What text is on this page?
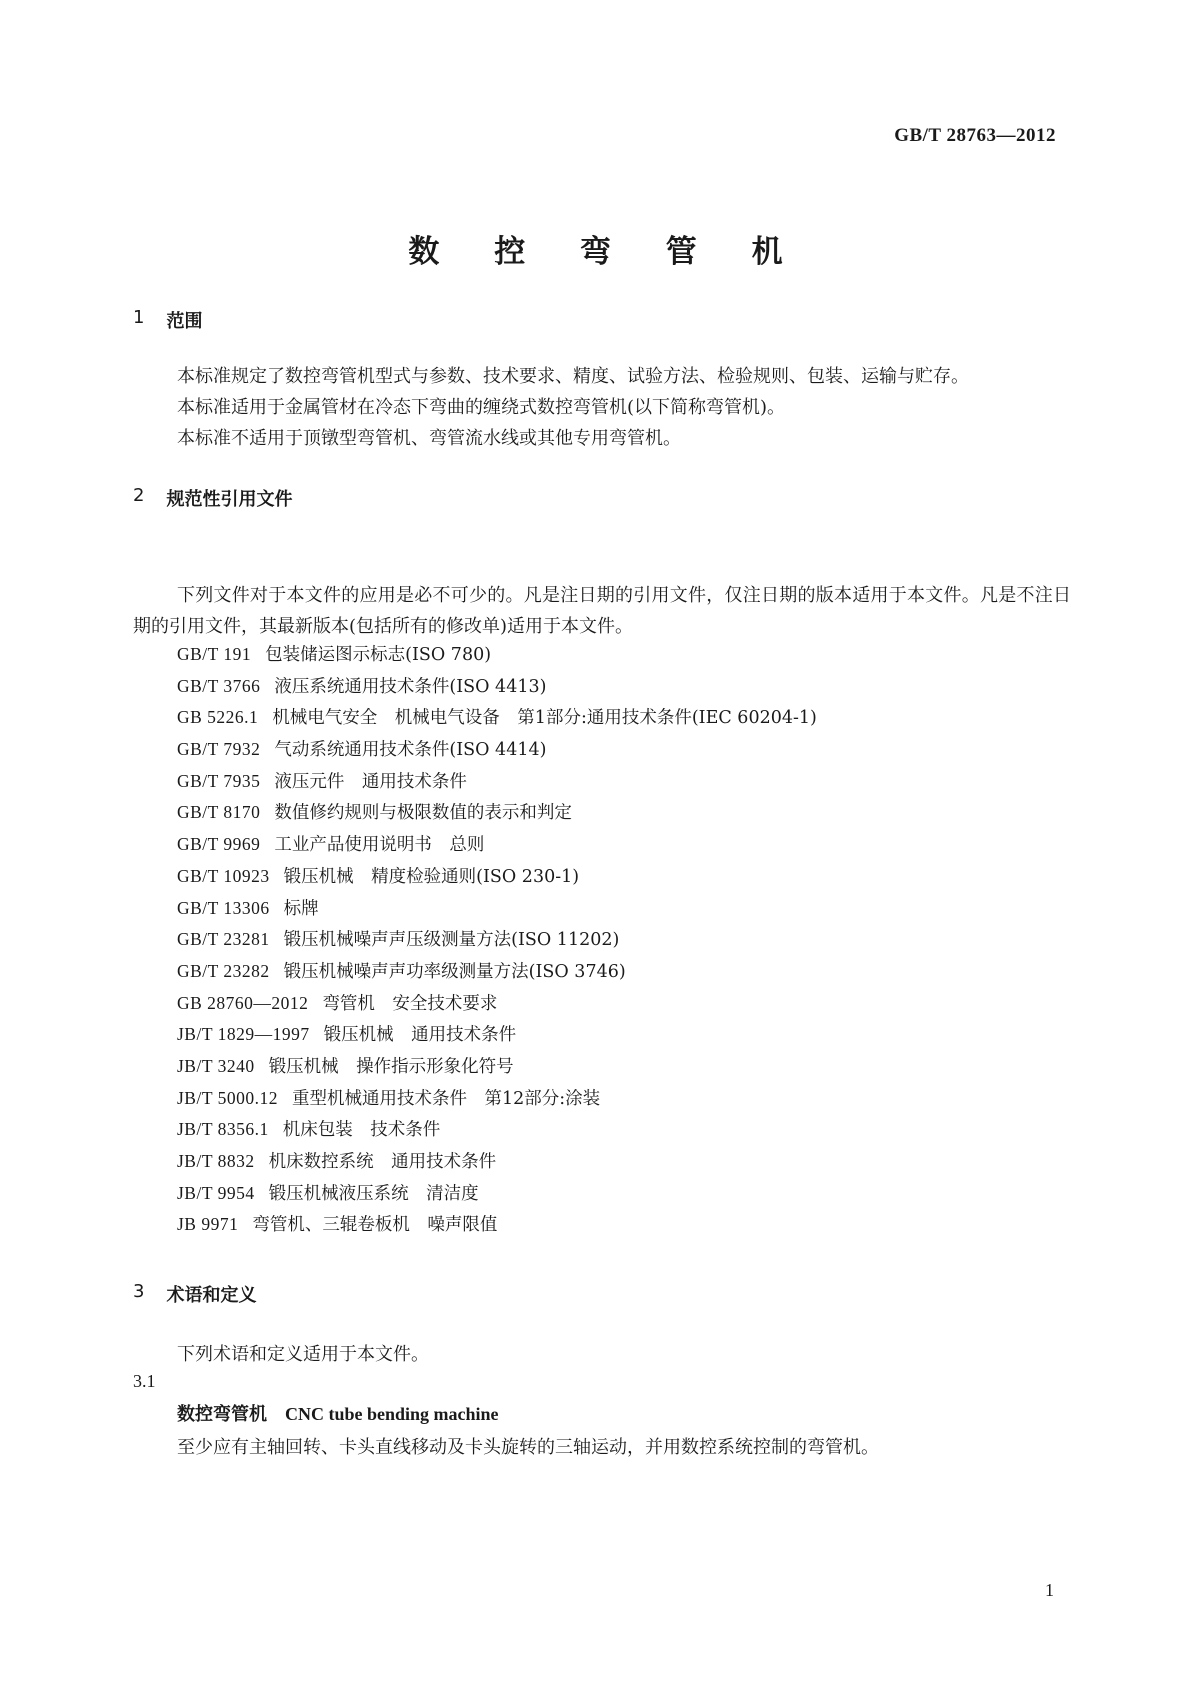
GB/T 28763—2012
数 控 弯 管 机
1 范围
本标准规定了数控弯管机型式与参数、技术要求、精度、试验方法、检验规则、包装、运输与贮存。
本标准适用于金属管材在冷态下弯曲的缠绕式数控弯管机(以下简称弯管机)。
本标准不适用于顶镦型弯管机、弯管流水线或其他专用弯管机。
2 规范性引用文件
下列文件对于本文件的应用是必不可少的。凡是注日期的引用文件，仅注日期的版本适用于本文件。凡是不注日期的引用文件，其最新版本(包括所有的修改单)适用于本文件。
GB/T 191 包装储运图示标志(ISO 780)
GB/T 3766 液压系统通用技术条件(ISO 4413)
GB 5226.1 机械电气安全　机械电气设备　第1部分:通用技术条件(IEC 60204-1)
GB/T 7932 气动系统通用技术条件(ISO 4414)
GB/T 7935 液压元件　通用技术条件
GB/T 8170 数值修约规则与极限数值的表示和判定
GB/T 9969 工业产品使用说明书　总则
GB/T 10923 锻压机械　精度检验通则(ISO 230-1)
GB/T 13306 标牌
GB/T 23281 锻压机械噪声声压级测量方法(ISO 11202)
GB/T 23282 锻压机械噪声声功率级测量方法(ISO 3746)
GB 28760—2012 弯管机　安全技术要求
JB/T 1829—1997 锻压机械　通用技术条件
JB/T 3240 锻压机械　操作指示形象化符号
JB/T 5000.12 重型机械通用技术条件　第12部分:涂装
JB/T 8356.1 机床包装　技术条件
JB/T 8832 机床数控系统　通用技术条件
JB/T 9954 锻压机械液压系统　清洁度
JB 9971 弯管机、三辊卷板机　噪声限值
3 术语和定义
下列术语和定义适用于本文件。
3.1
数控弯管机 CNC tube bending machine
至少应有主轴回转、卡头直线移动及卡头旋转的三轴运动，并用数控系统控制的弯管机。
1
